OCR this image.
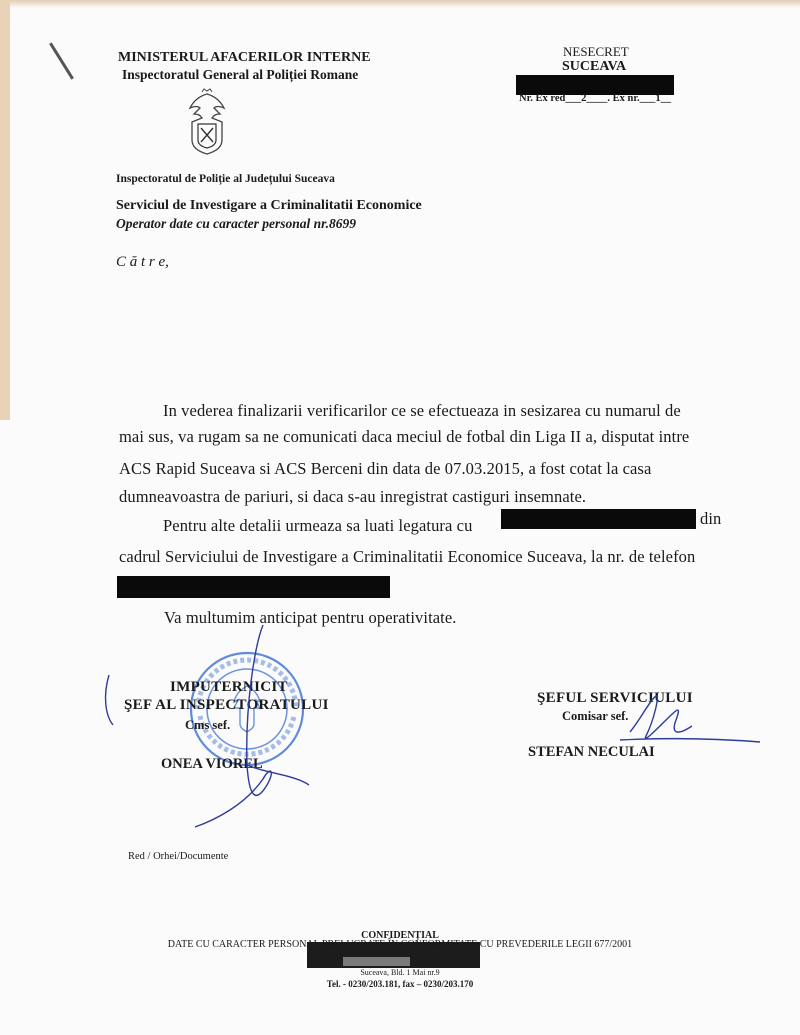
MINISTERUL AFACERILOR INTERNE
Inspectoratul General al Poliției Romane
Inspectoratul de Poliție al Județului Suceava
Serviciul de Investigare a Criminalitatii Economice
Operator date cu caracter personal nr.8699
NESECRET
SUCEAVA
Nr. Ex red___2____. Ex nr.___1__
C ă t r e,
In vederea finalizarii verificarilor ce se efectueaza in sesizarea cu numarul de
mai sus, va rugam sa ne comunicati daca meciul de fotbal din Liga II a, disputat intre
ACS Rapid Suceava si ACS Berceni din data de 07.03.2015, a fost cotat la casa
dumneavoastra de pariuri, si daca s-au inregistrat castiguri insemnate.
Pentru alte detalii urmeaza sa luati legatura cu	din
cadrul Serviciului de Investigare a Criminalitatii Economice Suceava, la nr. de telefon
Va multumim anticipat pentru operativitate.
IMPUTERNICIT
ŞEF AL INSPECTORATULUI
Cms sef.
ONEA VIOREL
ŞEFUL SERVICIULUI
Comisar sef.
STEFAN NECULAI
Red / Orhei/Documente
CONFIDENȚIAL
DATE CU CARACTER PERSONAL PRELUCRATE ÎN CONFORMITATE CU PREVEDERILE LEGII 677/2001
Suceava, Bld. 1 Mai nr.9
Tel. - 0230/203.181, fax – 0230/203.170
